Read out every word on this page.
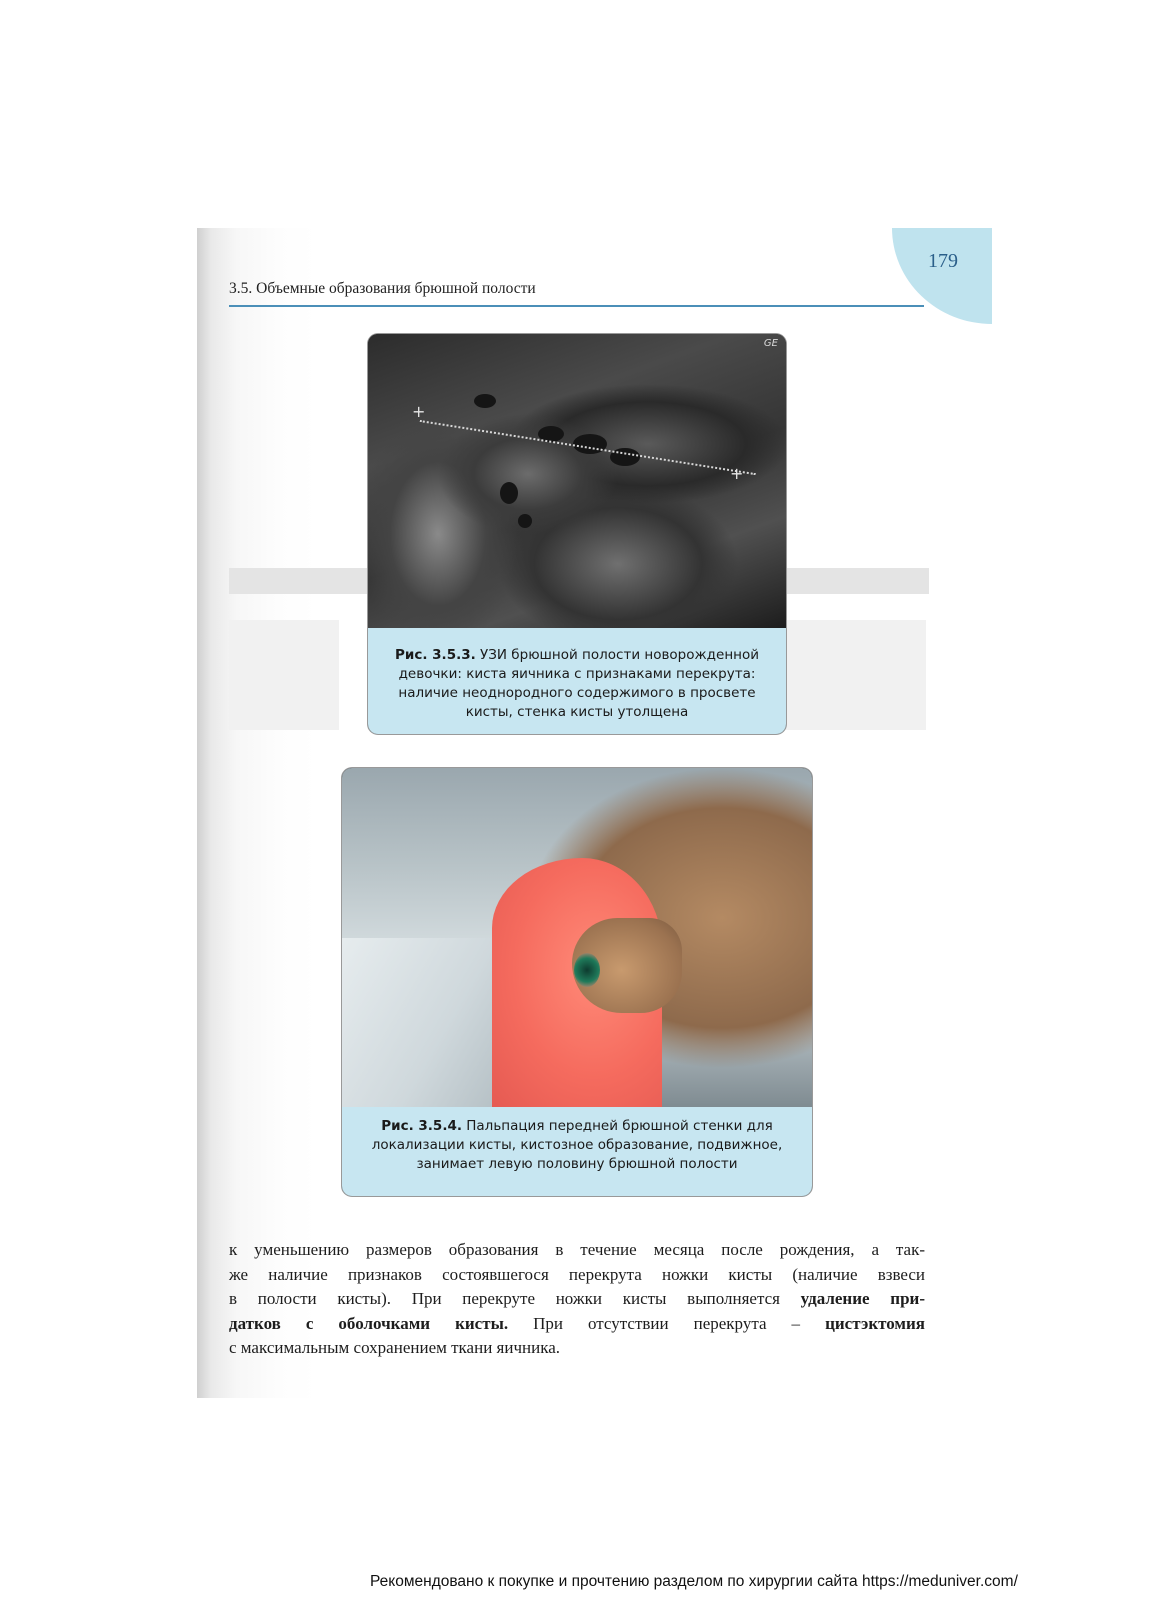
179
3.5. Объемные образования брюшной полости
+
+
GE
Рис. 3.5.3. УЗИ брюшной полости новорожденной
девочки: киста яичника с признаками перекрута:
наличие неоднородного содержимого в просвете
кисты, стенка кисты утолщена
Рис. 3.5.4. Пальпация передней брюшной стенки для
локализации кисты, кистозное образование, подвижное,
занимает левую половину брюшной полости
к уменьшению размеров образования в течение месяца после рождения, а так-
же наличие признаков состоявшегося перекрута ножки кисты (наличие взвеси
в полости кисты). При перекруте ножки кисты выполняется удаление при-
датков с оболочками кисты. При отсутствии перекрута – цистэктомия
с максимальным сохранением ткани яичника.
Рекомендовано к покупке и прочтению разделом по хирургии сайта https://meduniver.com/
